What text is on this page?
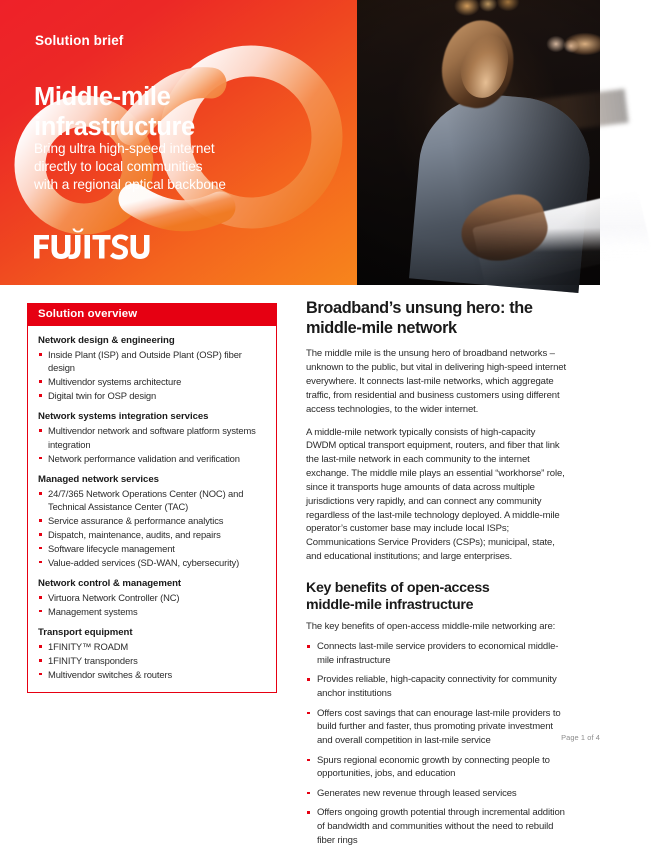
Solution brief
Middle-mile
infrastructure
Bring ultra high-speed internet
directly to local communities
with a regional optical backbone
Solution overview
Network design & engineering
Inside Plant (ISP) and Outside Plant (OSP) fiber design
Multivendor systems architecture
Digital twin for OSP design
Network systems integration services
Multivendor network and software platform systems integration
Network performance validation and verification
Managed network services
24/7/365 Network Operations Center (NOC) and Technical Assistance Center (TAC)
Service assurance & performance analytics
Dispatch, maintenance, audits, and repairs
Software lifecycle management
Value-added services (SD-WAN, cybersecurity)
Network control & management
Virtuora Network Controller (NC)
Management systems
Transport equipment
1FINITY™ ROADM
1FINITY transponders
Multivendor switches & routers
Broadband’s unsung hero: the
middle-mile network

The middle mile is the unsung hero of broadband networks – unknown to the public, but vital in delivering high-speed internet everywhere. It connects last-mile networks, which aggregate traffic, from residential and business customers using different access technologies, to the wider internet.

A middle-mile network typically consists of high-capacity DWDM optical transport equipment, routers, and fiber that link the last-mile network in each community to the internet exchange. The middle mile plays an essential “workhorse” role, since it transports huge amounts of data across multiple jurisdictions very rapidly, and can connect any community regardless of the last-mile technology deployed. A middle-mile operator’s customer base may include local ISPs; Communications Service Providers (CSPs); municipal, state, and educational institutions; and large enterprises.

Key benefits of open-access
middle-mile infrastructure

The key benefits of open-access middle-mile networking are:

Connects last-mile service providers to economical middle-mile infrastructure
Provides reliable, high-capacity connectivity for community anchor institutions
Offers cost savings that can enourage last-mile providers to build further and faster, thus promoting private investment and overall competition in last-mile service
Spurs regional economic growth by connecting people to opportunities, jobs, and education
Generates new revenue through leased services
Offers ongoing growth potential through incremental addition of bandwidth and communities without the need to rebuild fiber rings
Page 1 of 4
